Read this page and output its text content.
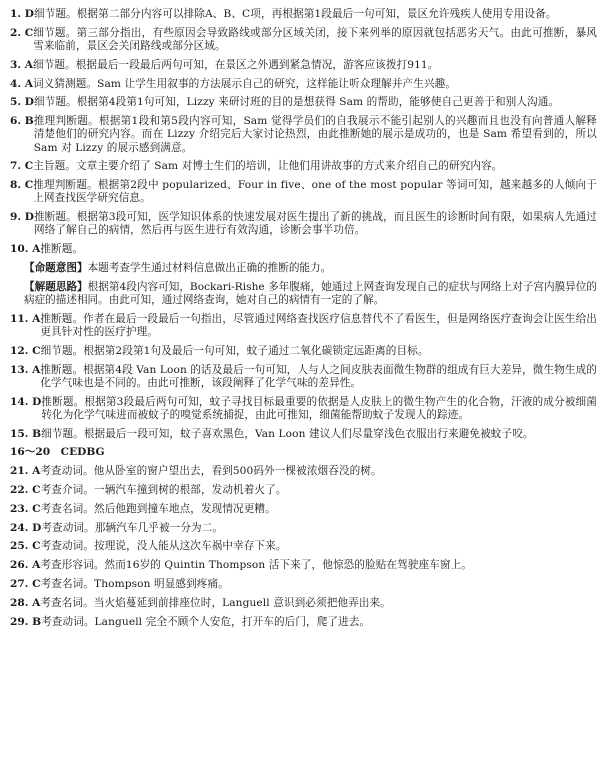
1. D 细节题。根据第二部分内容可以排除A、B、C项，再根据第1段最后一句可知，景区允许残疾人使用专用设备。
2. C 细节题。第三部分指出，有些原因会导致路线或部分区域关闭，接下来列举的原因就包括恶劣天气。由此可推断，暴风雪来临前，景区会关闭路线或部分区域。
3. A 细节题。根据最后一段最后两句可知，在景区之外遇到紧急情况，游客应该拨打911。
4. A 词义猜测题。Sam 让学生用叙事的方法展示自己的研究，这样能让听众理解并产生兴趣。
5. D 细节题。根据第4段第1句可知，Lizzy 来研讨班的目的是想获得 Sam 的帮助，能够使自己更善于和别人沟通。
6. B 推理判断题。根据第1段和第5段内容可知，Sam 觉得学员们的自我展示不能引起别人的兴趣而且也没有向普通人解释清楚他们的研究内容。而在 Lizzy 介绍完后大家讨论热烈，由此推断她的展示是成功的，也是 Sam 希望看到的，所以 Sam 对 Lizzy 的展示感到满意。
7. C 主旨题。文章主要介绍了 Sam 对博士生们的培训，让他们用讲故事的方式来介绍自己的研究内容。
8. C 推理判断题。根据第2段中 popularized、Four in five、one of the most popular 等词可知，越来越多的人倾向于上网查找医学研究信息。
9. D 推断题。根据第3段可知，医学知识体系的快速发展对医生提出了新的挑战，而且医生的诊断时间有限，如果病人先通过网络了解自己的病情，然后再与医生进行有效沟通，诊断会事半功倍。
10. A 推断题。
【命题意图】本题考查学生通过材料信息做出正确的推断的能力。
【解题思路】根据第4段内容可知，Bockari-Rishe 多年腹痛，她通过上网查询发现自己的症状与网络上对子宫内膜异位的病症的描述相同。由此可知，通过网络查询，她对自己的病情有一定的了解。
11. A 推断题。作者在最后一段最后一句指出，尽管通过网络查找医疗信息替代不了看医生，但是网络医疗查询会让医生给出更具针对性的医疗护理。
12. C 细节题。根据第2段第1句及最后一句可知，蚊子通过二氧化碳锁定远距离的目标。
13. A 推断题。根据第4段 Van Loon 的话及最后一句可知，人与人之间皮肤表面微生物群的组成有巨大差异，微生物生成的化学气味也是不同的。由此可推断，该段阐释了化学气味的差异性。
14. D 推断题。根据第3段最后两句可知，蚊子寻找目标最重要的依据是人皮肤上的微生物产生的化合物，汗液的成分被细菌转化为化学气味进而被蚊子的嗅觉系统捕捉，由此可推知，细菌能帮助蚊子发现人的踪迹。
15. B 细节题。根据最后一段可知，蚊子喜欢黑色，Van Loon 建议人们尽量穿浅色衣服出行来避免被蚊子咬。
16～20　CEDBG
21. A 考查动词。他从卧室的窗户望出去，看到500码外一棵被浓烟吞没的树。
22. C 考查介词。一辆汽车撞到树的根部，发动机着火了。
23. C 考查名词。然后他跑到撞车地点，发现情况更糟。
24. D 考查动词。那辆汽车几乎被一分为二。
25. C 考查动词。按理说，没人能从这次车祸中幸存下来。
26. A 考查形容词。然而16岁的 Quintin Thompson 活下来了，他惊恐的脸贴在驾驶座车窗上。
27. C 考查名词。Thompson 明显感到疼痛。
28. A 考查名词。当火焰蔓延到前排座位时，Languell 意识到必须把他弄出来。
29. B 考查动词。Languell 完全不顾个人安危，打开车的后门，爬了进去。
